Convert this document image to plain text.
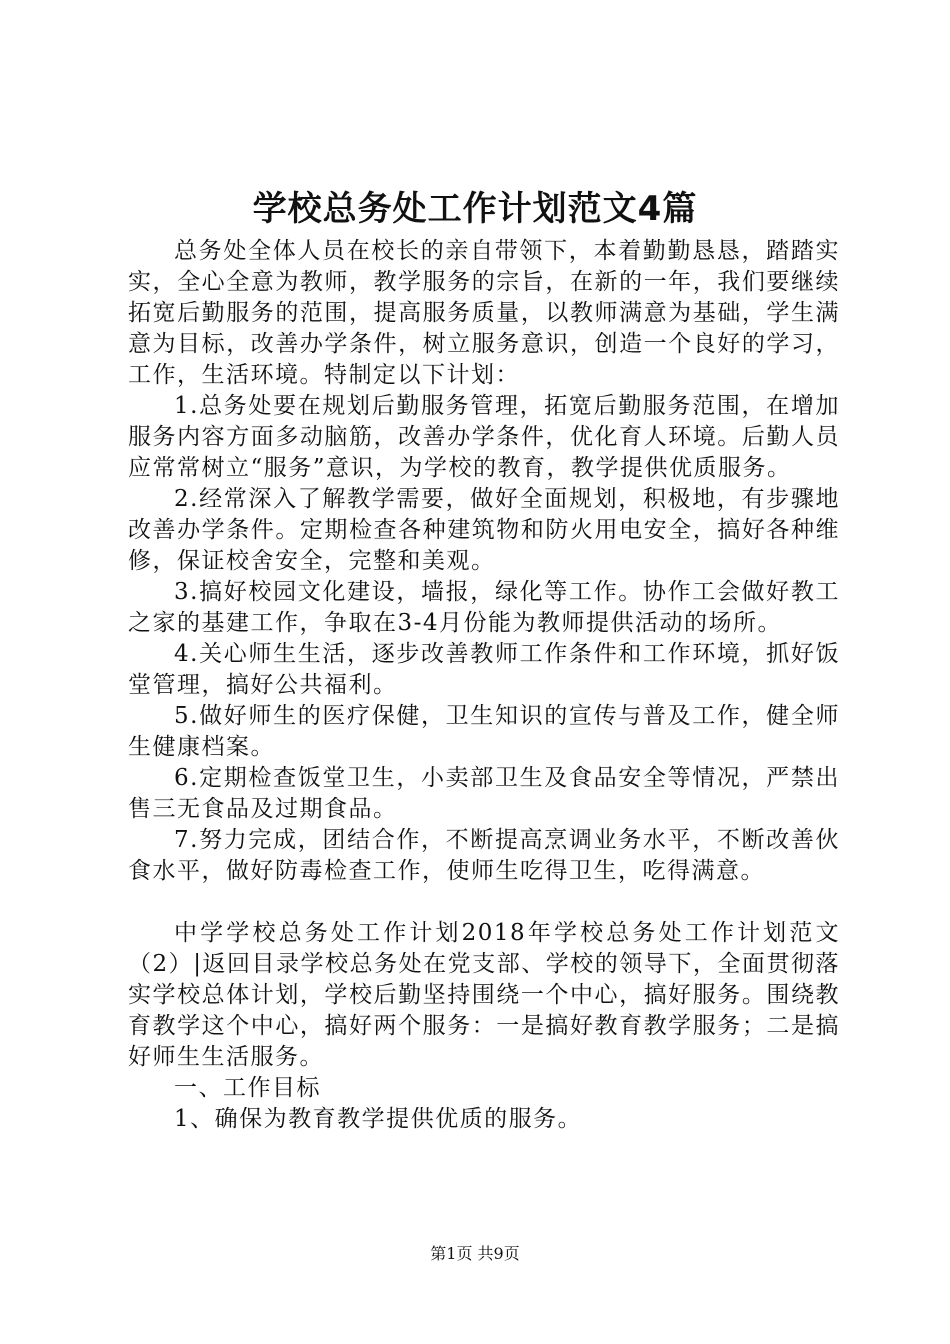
学校总务处工作计划范文4篇

总务处全体人员在校长的亲自带领下，本着勤勤恳恳，踏踏实实，全心全意为教师，教学服务的宗旨，在新的一年，我们要继续拓宽后勤服务的范围，提高服务质量，以教师满意为基础，学生满意为目标，改善办学条件，树立服务意识，创造一个良好的学习，工作，生活环境。特制定以下计划：

1.总务处要在规划后勤服务管理，拓宽后勤服务范围，在增加服务内容方面多动脑筋，改善办学条件，优化育人环境。后勤人员应常常树立“服务”意识，为学校的教育，教学提供优质服务。

2.经常深入了解教学需要，做好全面规划，积极地，有步骤地改善办学条件。定期检查各种建筑物和防火用电安全，搞好各种维修，保证校舍安全，完整和美观。

3.搞好校园文化建设，墙报，绿化等工作。协作工会做好教工之家的基建工作，争取在3-4月份能为教师提供活动的场所。

4.关心师生生活，逐步改善教师工作条件和工作环境，抓好饭堂管理，搞好公共福利。

5.做好师生的医疗保健，卫生知识的宣传与普及工作，健全师生健康档案。

6.定期检查饭堂卫生，小卖部卫生及食品安全等情况，严禁出售三无食品及过期食品。

7.努力完成，团结合作，不断提高烹调业务水平，不断改善伙食水平，做好防毒检查工作，使师生吃得卫生，吃得满意。

中学学校总务处工作计划2018年学校总务处工作计划范文（2）|返回目录学校总务处在党支部、学校的领导下，全面贯彻落实学校总体计划，学校后勤坚持围绕一个中心，搞好服务。围绕教育教学这个中心，搞好两个服务：一是搞好教育教学服务；二是搞好师生生活服务。

一、工作目标

1、确保为教育教学提供优质的服务。

第1页 共9页
